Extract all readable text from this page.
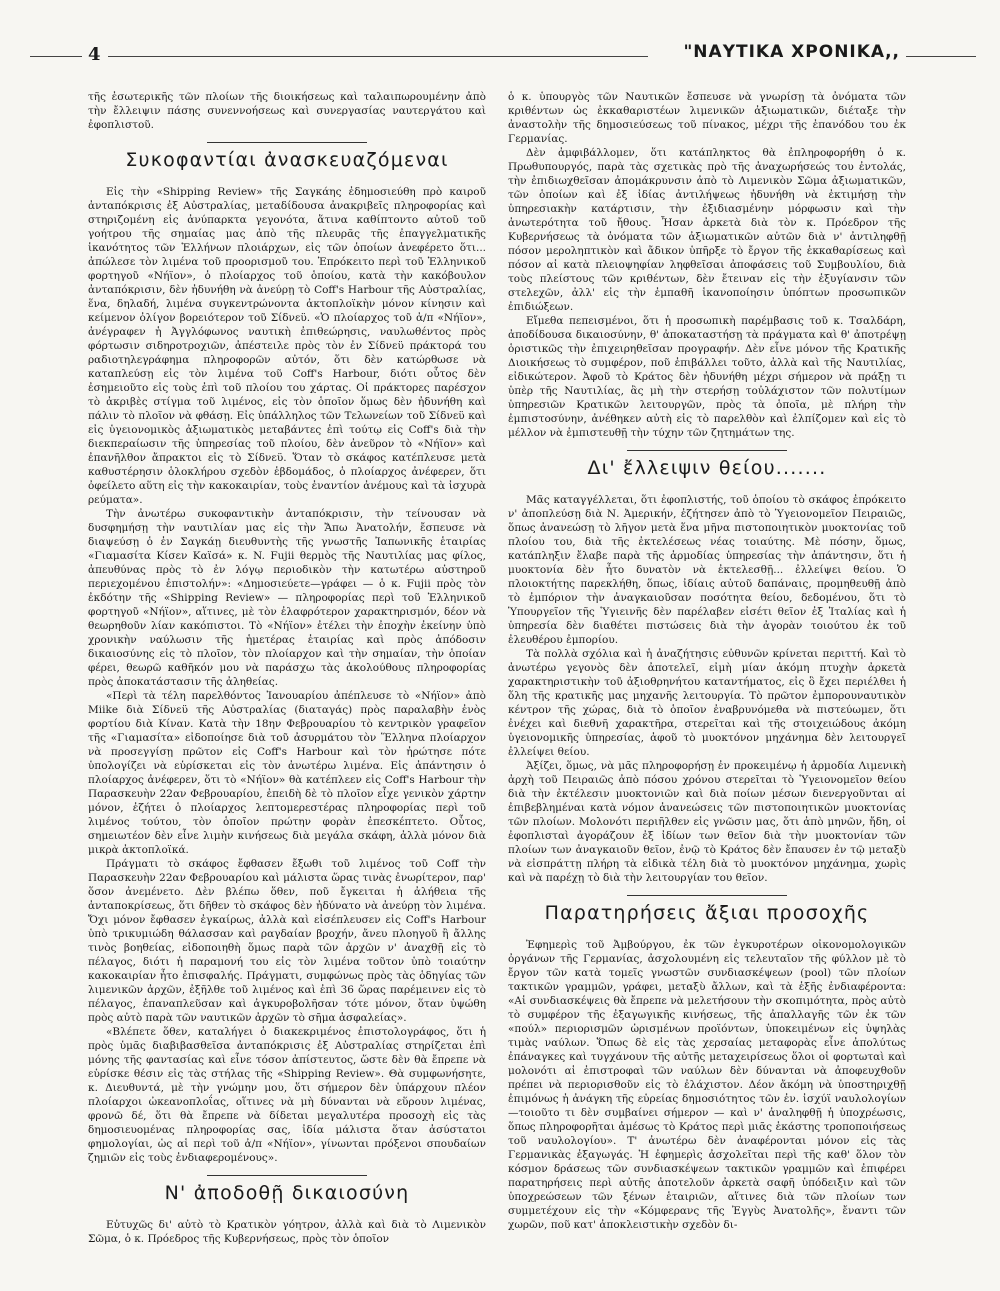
4	"ΝΑΥΤΙΚΑ ΧΡΟΝΙΚΑ,,

τῆς ἐσωτερικῆς τῶν πλοίων τῆς διοικήσεως καὶ ταλαιπωρουμένην ἀπὸ τὴν ἔλλειψιν πάσης συνεννοήσεως καὶ συνεργασίας ναυτεργάτου καὶ ἐφοπλιστοῦ.

Συκοφαντίαι ἀνασκευαζόμεναι

Εἰς τὴν «Shipping Review» τῆς Σαγκάης ἐδημοσιεύθη πρὸ καιροῦ ἀνταπόκρισις ἐξ Αὐστραλίας, μεταδίδουσα ἀνακριβεῖς πληροφορίας καὶ στηριζομένη εἰς ἀνύπαρκτα γεγονότα, ἅτινα καθίπτοντο αὐτοῦ τοῦ γοήτρου τῆς σημαίας μας ἀπὸ τῆς πλευρᾶς τῆς ἐπαγγελματικῆς ἱκανότητος τῶν Ἑλλήνων πλοιάρχων, εἰς τῶν ὁποίων ἀνεφέρετο ὅτι... ἀπώλεσε τὸν λιμένα τοῦ προορισμοῦ του. Ἐπρόκειτο περὶ τοῦ Ἑλληνικοῦ φορτηγοῦ «Νήϊον», ὁ πλοίαρχος τοῦ ὁποίου, κατὰ τὴν κακόβουλον ἀνταπόκρισιν, δὲν ἠδυνήθη νὰ ἀνεύρῃ τὸ Coff's Harbour τῆς Αὐστραλίας, ἕνα, δηλαδή, λιμένα συγκεντρώνοντα ἀκτοπλοϊκὴν μόνον κίνησιν καὶ κείμενον ὀλίγον βορειότερον τοῦ Σίδνεϋ. «Ὁ πλοίαρχος τοῦ ἀ/π «Νήϊον», ἀνέγραφεν ἡ Ἀγγλόφωνος ναυτικὴ ἐπιθεώρησις, ναυλωθέντος πρὸς φόρτωσιν σιδηροτροχιῶν, ἀπέστειλε πρὸς τὸν ἐν Σίδνεϋ πράκτορά του ραδιοτηλεγράφημα πληροφορῶν αὐτόν, ὅτι δὲν κατώρθωσε νὰ καταπλεύσῃ εἰς τὸν λιμένα τοῦ Coff's Harbour, διότι οὗτος δὲν ἐσημειοῦτο εἰς τοὺς ἐπὶ τοῦ πλοίου του χάρτας. Οἱ πράκτορες παρέσχον τὸ ἀκριβὲς στίγμα τοῦ λιμένος, εἰς τὸν ὁποῖον ὅμως δὲν ἠδυνήθη καὶ πάλιν τὸ πλοῖον νὰ φθάσῃ. Εἰς ὑπάλληλος τῶν Τελωνείων τοῦ Σίδνεϋ καὶ εἰς ὑγειονομικὸς ἀξιωματικὸς μεταβάντες ἐπὶ τούτῳ εἰς Coff's διὰ τὴν διεκπεραίωσιν τῆς ὑπηρεσίας τοῦ πλοίου, δὲν ἀνεῦρον τὸ «Νήϊον» καὶ ἐπανῆλθον ἄπρακτοι εἰς τὸ Σίδνεϋ. Ὅταν τὸ σκάφος κατέπλευσε μετὰ καθυστέρησιν ὁλοκλήρου σχεδὸν ἑβδομάδος, ὁ πλοίαρχος ἀνέφερεν, ὅτι ὀφείλετο αὕτη εἰς τὴν κακοκαιρίαν, τοὺς ἐναντίον ἀνέμους καὶ τὰ ἰσχυρὰ ρεύματα».

Τὴν ἀνωτέρω συκοφαντικὴν ἀνταπόκρισιν, τὴν τείνουσαν νὰ δυσφημήσῃ τὴν ναυτιλίαν μας εἰς τὴν Ἄπω Ἀνατολήν, ἔσπευσε νὰ διαψεύσῃ ὁ ἐν Σαγκάῃ διευθυντὴς τῆς γνωστῆς Ἰαπωνικῆς ἑταιρίας «Γιαμασίτα Κίσεν Καϊσά» κ. N. Fujii θερμὸς τῆς Ναυτιλίας μας φίλος, ἀπευθύνας πρὸς τὸ ἐν λόγῳ περιοδικὸν τὴν κατωτέρω αὐστηροῦ περιεχομένου ἐπιστολήν»: «Δημοσιεύετε—γράφει — ὁ κ. Fujii πρὸς τὸν ἐκδότην τῆς «Shipping Review» — πληροφορίας περὶ τοῦ Ἑλληνικοῦ φορτηγοῦ «Νήϊον», αἵτινες, μὲ τὸν ἐλαφρότερον χαρακτηρισμόν, δέον νὰ θεωρηθοῦν λίαν κακόπιστοι. Τὸ «Νήϊον» ἐτέλει τὴν ἐποχὴν ἐκείνην ὑπὸ χρονικὴν ναύλωσιν τῆς ἡμετέρας ἑταιρίας καὶ πρὸς ἀπόδοσιν δικαιοσύνης εἰς τὸ πλοῖον, τὸν πλοίαρχον καὶ τὴν σημαίαν, τὴν ὁποίαν φέρει, θεωρῶ καθῆκόν μου νὰ παράσχω τὰς ἀκολούθους πληροφορίας πρὸς ἀποκατάστασιν τῆς ἀληθείας.

«Περὶ τὰ τέλη παρελθόντος Ἰανουαρίου ἀπέπλευσε τὸ «Νήϊον» ἀπὸ Miike διὰ Σίδνεϋ τῆς Αὐστραλίας (διαταγάς) πρὸς παραλαβὴν ἐνὸς φορτίου διὰ Κίναν. Κατὰ τὴν 18ην Φεβρουαρίου τὸ κεντρικὸν γραφεῖον τῆς «Γιαμασίτα» εἰδοποίησε διὰ τοῦ ἀσυρμάτου τὸν Ἕλληνα πλοίαρχον νὰ προσεγγίσῃ πρῶτον εἰς Coff's Harbour καὶ τὸν ἠρώτησε πότε ὑπολογίζει νὰ εὑρίσκεται εἰς τὸν ἀνωτέρω λιμένα. Εἰς ἀπάντησιν ὁ πλοίαρχος ἀνέφερεν, ὅτι τὸ «Νήϊον» θὰ κατέπλεεν εἰς Coff's Harbour τὴν Παρασκευὴν 22αν Φεβρουαρίου, ἐπειδὴ δὲ τὸ πλοῖον εἶχε γενικὸν χάρτην μόνον, ἐζήτει ὁ πλοίαρχος λεπτομερεστέρας πληροφορίας περὶ τοῦ λιμένος τούτου, τὸν ὁποῖον πρώτην φορὰν ἐπεσκέπτετο. Οὗτος, σημειωτέον δὲν εἶνε λιμὴν κινήσεως διὰ μεγάλα σκάφη, ἀλλὰ μόνον διὰ μικρὰ ἀκτοπλοϊκά.

Πράγματι τὸ σκάφος ἔφθασεν ἔξωθι τοῦ λιμένος τοῦ Coff τὴν Παρασκευὴν 22αν Φεβρουαρίου καὶ μάλιστα ὥρας τινὰς ἐνωρίτερον, παρ' ὅσον ἀνεμένετο. Δὲν βλέπω ὅθεν, ποῦ ἔγκειται ἡ ἀλήθεια τῆς ἀνταποκρίσεως, ὅτι δῆθεν τὸ σκάφος δὲν ἠδύνατο νὰ ἀνεύρῃ τὸν λιμένα. Ὄχι μόνον ἔφθασεν ἐγκαίρως, ἀλλὰ καὶ εἰσέπλευσεν εἰς Coff's Harbour ὑπὸ τρικυμιώδη θάλασσαν καὶ ραγδαίαν βροχήν, ἄνευ πλοηγοῦ ἢ ἄλλης τινὸς βοηθείας, εἰδοποιηθὴ ὅμως παρὰ τῶν ἀρχῶν ν' ἀναχθῇ εἰς τὸ πέλαγος, διότι ἡ παραμονή του εἰς τὸν λιμένα τοῦτον ὑπὸ τοιαύτην κακοκαιρίαν ἦτο ἐπισφαλής. Πράγματι, συμφώνως πρὸς τὰς ὁδηγίας τῶν λιμενικῶν ἀρχῶν, ἐξῆλθε τοῦ λιμένος καὶ ἐπὶ 36 ὥρας παρέμεινεν εἰς τὸ πέλαγος, ἐπαναπλεῦσαν καὶ ἀγκυροβολῆσαν τότε μόνον, ὅταν ὑψώθη πρὸς αὐτὸ παρὰ τῶν ναυτικῶν ἀρχῶν τὸ σῆμα ἀσφαλείας».

«Βλέπετε ὅθεν, καταλήγει ὁ διακεκριμένος ἐπιστολογράφος, ὅτι ἡ πρὸς ὑμᾶς διαβιβασθεῖσα ἀνταπόκρισις ἐξ Αὐστραλίας στηρίζεται ἐπὶ μόνης τῆς φαντασίας καὶ εἶνε τόσον ἀπίστευτος, ὥστε δὲν θὰ ἔπρεπε νὰ εὑρίσκε θέσιν εἰς τὰς στήλας τῆς «Shipping Review». Θὰ συμφωνήσητε, κ. Διευθυντά, μὲ τὴν γνώμην μου, ὅτι σήμερον δὲν ὑπάρχουν πλέον πλοίαρχοι ὠκεανοπλοΐας, οἵτινες νὰ μὴ δύνανται νὰ εὕρουν λιμένας, φρονῶ δέ, ὅτι θὰ ἔπρεπε νὰ δίδεται μεγαλυτέρα προσοχὴ εἰς τὰς δημοσιευομένας πληροφορίας σας, ἰδία μάλιστα ὅταν ἀσύστατοι φημολογίαι, ὡς αἱ περὶ τοῦ ἀ/π «Νήϊον», γίνωνται πρόξενοι σπουδαίων ζημιῶν εἰς τοὺς ἐνδιαφερομένους».

Ν' ἀποδοθῇ δικαιοσύνη

Εὐτυχῶς δι' αὐτὸ τὸ Κρατικὸν γόητρον, ἀλλὰ καὶ διὰ τὸ Λιμενικὸν Σῶμα, ὁ κ. Πρόεδρος τῆς Κυβερνήσεως, πρὸς τὸν ὁποῖον

ὁ κ. ὑπουργὸς τῶν Ναυτικῶν ἔσπευσε νὰ γνωρίσῃ τὰ ὀνόματα τῶν κριθέντων ὡς ἐκκαθαριστέων λιμενικῶν ἀξιωματικῶν, διέταξε τὴν ἀναστολὴν τῆς δημοσιεύσεως τοῦ πίνακος, μέχρι τῆς ἐπανόδου του ἐκ Γερμανίας.

Δὲν ἀμφιβάλλομεν, ὅτι κατάπληκτος θὰ ἐπληροφορήθη ὁ κ. Πρωθυπουργός, παρὰ τὰς σχετικὰς πρὸ τῆς ἀναχωρήσεώς του ἐντολάς, τὴν ἐπιδιωχθεῖσαν ἀπομάκρυνσιν ἀπὸ τὸ Λιμενικὸν Σῶμα ἀξιωματικῶν, τῶν ὁποίων καὶ ἐξ ἰδίας ἀντιλήψεως ἠδυνήθη νὰ ἐκτιμήσῃ τὴν ὑπηρεσιακὴν κατάρτισιν, τὴν ἐξιδιασμένην μόρφωσιν καὶ τὴν ἀνωτερότητα τοῦ ἤθους. Ἦσαν ἀρκετὰ διὰ τὸν κ. Πρόεδρον τῆς Κυβερνήσεως τὰ ὀνόματα τῶν ἀξιωματικῶν αὐτῶν διὰ ν' ἀντιληφθῇ πόσον μεροληπτικὸν καὶ ἄδικον ὑπῆρξε τὸ ἔργον τῆς ἐκκαθαρίσεως καὶ πόσον αἱ κατὰ πλειοψηφίαν ληφθεῖσαι ἀποφάσεις τοῦ Συμβουλίου, διὰ τοὺς πλείστους τῶν κριθέντων, δὲν ἔτειναν εἰς τὴν ἐξυγίανσιν τῶν στελεχῶν, ἀλλ' εἰς τὴν ἐμπαθῆ ἱκανοποίησιν ὑπόπτων προσωπικῶν ἐπιδιώξεων.

Εἴμεθα πεπεισμένοι, ὅτι ἡ προσωπικὴ παρέμβασις τοῦ κ. Τσαλδάρη, ἀποδίδουσα δικαιοσύνην, θ' ἀποκαταστήσῃ τὰ πράγματα καὶ θ' ἀποτρέψῃ ὁριστικῶς τὴν ἐπιχειρηθεῖσαν προγραφήν. Δὲν εἶνε μόνον τῆς Κρατικῆς Διοικήσεως τὸ συμφέρον, ποῦ ἐπιβάλλει τοῦτο, ἀλλὰ καὶ τῆς Ναυτιλίας, εἰδικώτερον. Ἀφοῦ τὸ Κράτος δὲν ἠδυνήθη μέχρι σήμερον νὰ πράξῃ τι ὑπὲρ τῆς Ναυτιλίας, ἂς μὴ τὴν στερήσῃ τοὐλάχιστον τῶν πολυτίμων ὑπηρεσιῶν Κρατικῶν λειτουργῶν, πρὸς τὰ ὁποῖα, μὲ πλήρη τὴν ἐμπιστοσύνην, ἀνέθηκεν αὐτὴ εἰς τὸ παρελθὸν καὶ ἐλπίζομεν καὶ εἰς τὸ μέλλον νὰ ἐμπιστευθῇ τὴν τύχην τῶν ζητημάτων της.

Δι' ἔλλειψιν θείου.......

Μᾶς καταγγέλλεται, ὅτι ἐφοπλιστής, τοῦ ὁποίου τὸ σκάφος ἐπρόκειτο ν' ἀποπλεύσῃ διὰ Ν. Ἀμερικήν, ἐζήτησεν ἀπὸ τὸ Ὑγειονομεῖον Πειραιῶς, ὅπως ἀνανεώσῃ τὸ λῆγον μετὰ ἕνα μῆνα πιστοποιητικὸν μυοκτονίας τοῦ πλοίου του, διὰ τῆς ἐκτελέσεως νέας τοιαύτης. Μὲ πόσην, ὅμως, κατάπληξιν ἔλαβε παρὰ τῆς ἁρμοδίας ὑπηρεσίας τὴν ἀπάντησιν, ὅτι ἡ μυοκτονία δὲν ἦτο δυνατὸν νὰ ἐκτελεσθῇ... ἐλλείψει θείου. Ὁ πλοιοκτήτης παρεκλήθη, ὅπως, ἰδίαις αὐτοῦ δαπάναις, προμηθευθῇ ἀπὸ τὸ ἐμπόριον τὴν ἀναγκαιοῦσαν ποσότητα θείου, δεδομένου, ὅτι τὸ Ὑπουργεῖον τῆς Ὑγιεινῆς δὲν παρέλαβεν εἰσέτι θεῖον ἐξ Ἰταλίας καὶ ἡ ὑπηρεσία δὲν διαθέτει πιστώσεις διὰ τὴν ἀγορὰν τοιούτου ἐκ τοῦ ἐλευθέρου ἐμπορίου.

Τὰ πολλὰ σχόλια καὶ ἡ ἀναζήτησις εὐθυνῶν κρίνεται περιττή. Καὶ τὸ ἀνωτέρω γεγονὸς δὲν ἀποτελεῖ, εἰμὴ μίαν ἀκόμη πτυχὴν ἀρκετὰ χαρακτηριστικὴν τοῦ ἀξιοθρηνήτου καταντήματος, εἰς ὃ ἔχει περιέλθει ἡ ὅλη τῆς κρατικῆς μας μηχανῆς λειτουργία. Τὸ πρῶτον ἐμπορουναυτικὸν κέντρον τῆς χώρας, διὰ τὸ ὁποῖον ἐναβρυνόμεθα νὰ πιστεύωμεν, ὅτι ἐνέχει καὶ διεθνῆ χαρακτῆρα, στερεῖται καὶ τῆς στοιχειώδους ἀκόμη ὑγειονομικῆς ὑπηρεσίας, ἀφοῦ τὸ μυοκτόνον μηχάνημα δὲν λειτουργεῖ ἐλλείψει θείου.

Ἀξίζει, ὅμως, νὰ μᾶς πληροφορήσῃ ἐν προκειμένῳ ἡ ἁρμοδία Λιμενικὴ ἀρχὴ τοῦ Πειραιῶς ἀπὸ πόσου χρόνου στερεῖται τὸ Ὑγειονομεῖον θείου διὰ τὴν ἐκτέλεσιν μυοκτονιῶν καὶ διὰ ποίων μέσων διενεργοῦνται αἱ ἐπιβεβλημέναι κατὰ νόμον ἀνανεώσεις τῶν πιστοποιητικῶν μυοκτονίας τῶν πλοίων. Μολονότι περιῆλθεν εἰς γνῶσιν μας, ὅτι ἀπὸ μηνῶν, ἤδη, οἱ ἐφοπλισταὶ ἀγοράζουν ἐξ ἰδίων των θεῖον διὰ τὴν μυοκτονίαν τῶν πλοίων των ἀναγκαιοῦν θεῖον, ἐνῷ τὸ Κράτος δὲν ἔπαυσεν ἐν τῷ μεταξὺ νὰ εἰσπράττῃ πλήρη τὰ εἰδικὰ τέλη διὰ τὸ μυοκτόνον μηχάνημα, χωρὶς καὶ νὰ παρέχῃ τὸ διὰ τὴν λειτουργίαν του θεῖον.

Παρατηρήσεις ἄξιαι προσοχῆς

Ἐφημερὶς τοῦ Ἀμβούργου, ἐκ τῶν ἐγκυροτέρων οἰκονομολογικῶν ὀργάνων τῆς Γερμανίας, ἀσχολουμένη εἰς τελευταῖον τῆς φύλλον μὲ τὸ ἔργον τῶν κατὰ τομεῖς γνωστῶν συνδιασκέψεων (pool) τῶν πλοίων τακτικῶν γραμμῶν, γράφει, μεταξὺ ἄλλων, καὶ τὰ ἑξῆς ἐνδιαφέροντα: «Αἱ συνδιασκέψεις θὰ ἔπρεπε νὰ μελετήσουν τὴν σκοπιμότητα, πρὸς αὐτὸ τὸ συμφέρον τῆς ἐξαγωγικῆς κινήσεως, τῆς ἀπαλλαγῆς τῶν ἐκ τῶν «πούλ» περιορισμῶν ὡρισμένων προϊόντων, ὑποκειμένων εἰς ὑψηλὰς τιμὰς ναύλων. Ὅπως δὲ εἰς τὰς χερσαίας μεταφορὰς εἶνε ἀπολύτως ἐπάναγκες καὶ τυγχάνουν τῆς αὐτῆς μεταχειρίσεως ὅλοι οἱ φορτωταὶ καὶ μολονότι αἱ ἐπιστροφαὶ τῶν ναύλων δὲν δύνανται νὰ ἀποφευχθοῦν πρέπει νὰ περιορισθοῦν εἰς τὸ ἐλάχιστον. Δέον ἄκόμη νὰ ὑποστηριχθῇ ἐπιμόνως ἡ ἀνάγκη τῆς εὑρείας δημοσιότητος τῶν ἐν. ἰσχύϊ ναυλολογίων—τοιοῦτο τι δὲν συμβαίνει σήμερον — καὶ ν' ἀναληφθῇ ἡ ὑποχρέωσις, ὅπως πληροφορῆται ἀμέσως τὸ Κράτος περὶ μιᾶς ἑκάστης τροποποιήσεως τοῦ ναυλολογίου». Τ' ἀνωτέρω δὲν ἀναφέρονται μόνον εἰς τὰς Γερμανικὰς ἐξαγωγάς. Ἡ ἐφημερὶς ἀσχολεῖται περὶ τῆς καθ' ὅλον τὸν κόσμον δράσεως τῶν συνδιασκέψεων τακτικῶν γραμμῶν καὶ ἐπιφέρει παρατηρήσεις περὶ αὐτῆς ἀποτελοῦν ἀρκετὰ σαφῆ ὑπόδειξιν καὶ τῶν ὑποχρεώσεων τῶν ξένων ἑταιριῶν, αἵτινες διὰ τῶν πλοίων των συμμετέχουν εἰς τὴν «Κόμφερανς τῆς Ἐγγὺς Ἀνατολῆς», ἔναντι τῶν χωρῶν, ποῦ κατ' ἀποκλειστικὴν σχεδὸν δι-
